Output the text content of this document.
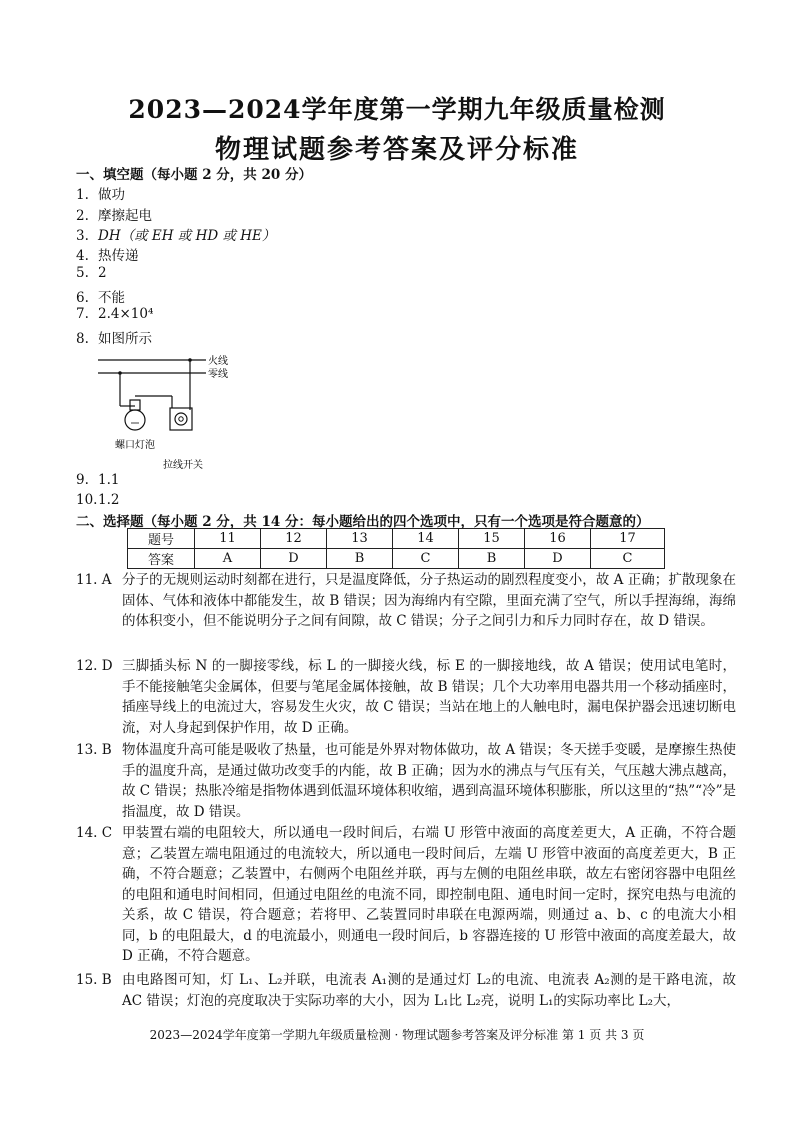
2023—2024学年度第一学期九年级质量检测
物理试题参考答案及评分标准
一、填空题（每小题 2 分，共 20 分）
1. 做功
2. 摩擦起电
3. DH（或 EH 或 HD 或 HE）
4. 热传递
5. 2
6. 不能
7. 2.4×10⁴
8. 如图所示
火线
零线
螺口灯泡
拉线开关
9. 1.1
10.1.2
二、选择题（每小题 2 分，共 14 分：每小题给出的四个选项中，只有一个选项是符合题意的）
题号	11	12	13	14	15	16	17
答案	A	D	B	C	B	D	C
11. A 分子的无规则运动时刻都在进行，只是温度降低，分子热运动的剧烈程度变小，故 A 正确；扩散现象在固体、气体和液体中都能发生，故 B 错误；因为海绵内有空隙，里面充满了空气，所以手捏海绵，海绵的体积变小，但不能说明分子之间有间隙，故 C 错误；分子之间引力和斥力同时存在，故 D 错误。
12. D 三脚插头标 N 的一脚接零线，标 L 的一脚接火线，标 E 的一脚接地线，故 A 错误；使用试电笔时，手不能接触笔尖金属体，但要与笔尾金属体接触，故 B 错误；几个大功率用电器共用一个移动插座时，插座导线上的电流过大，容易发生火灾，故 C 错误；当站在地上的人触电时，漏电保护器会迅速切断电流，对人身起到保护作用，故 D 正确。
13. B 物体温度升高可能是吸收了热量，也可能是外界对物体做功，故 A 错误；冬天搓手变暖，是摩擦生热使手的温度升高，是通过做功改变手的内能，故 B 正确；因为水的沸点与气压有关，气压越大沸点越高，故 C 错误；热胀冷缩是指物体遇到低温环境体积收缩，遇到高温环境体积膨胀，所以这里的“热”“冷”是指温度，故 D 错误。
14. C 甲装置右端的电阻较大，所以通电一段时间后，右端 U 形管中液面的高度差更大，A 正确，不符合题意；乙装置左端电阻通过的电流较大，所以通电一段时间后，左端 U 形管中液面的高度差更大，B 正确，不符合题意；乙装置中，右侧两个电阻丝并联，再与左侧的电阻丝串联，故左右密闭容器中电阻丝的电阻和通电时间相同，但通过电阻丝的电流不同，即控制电阻、通电时间一定时，探究电热与电流的关系，故 C 错误，符合题意；若将甲、乙装置同时串联在电源两端，则通过 a、b、c 的电流大小相同，b 的电阻最大，d 的电流最小，则通电一段时间后，b 容器连接的 U 形管中液面的高度差最大，故 D 正确，不符合题意。
15. B 由电路图可知，灯 L₁、L₂并联，电流表 A₁测的是通过灯 L₂的电流、电流表 A₂测的是干路电流，故 AC 错误；灯泡的亮度取决于实际功率的大小，因为 L₁比 L₂亮，说明 L₁的实际功率比 L₂大，
2023—2024学年度第一学期九年级质量检测 · 物理试题参考答案及评分标准 第 1 页 共 3 页
